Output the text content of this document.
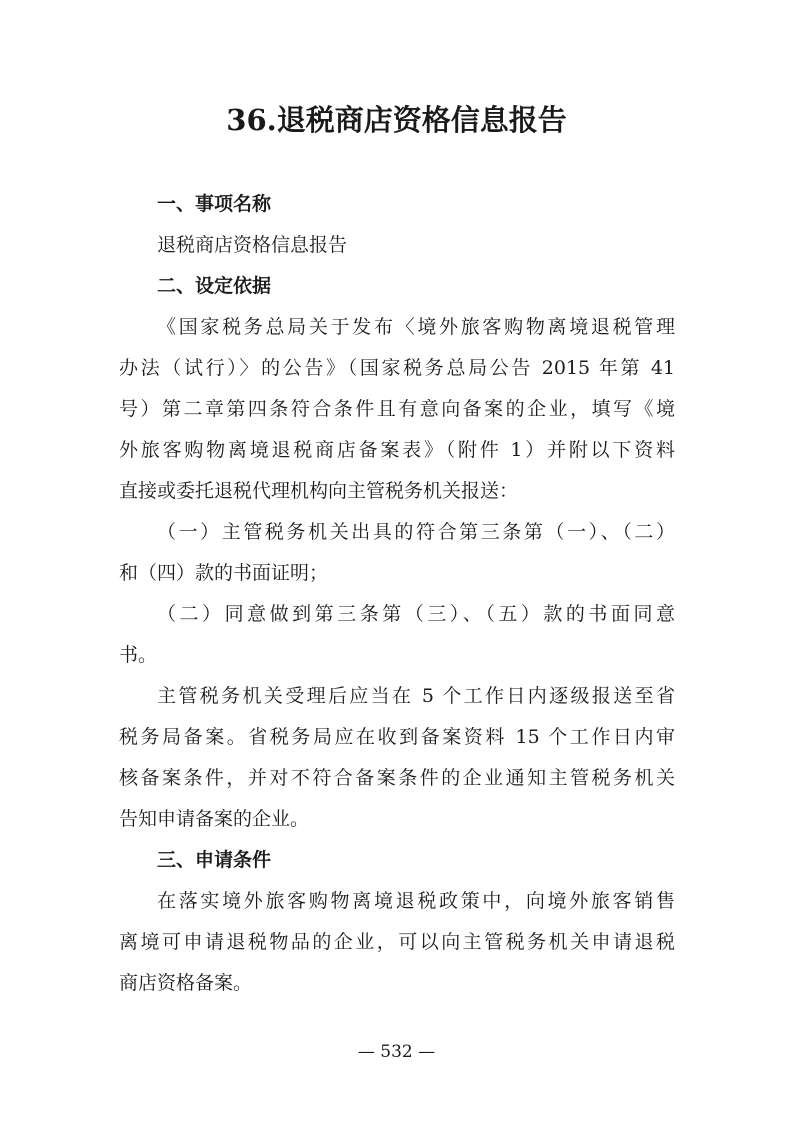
36.退税商店资格信息报告

一、事项名称

退税商店资格信息报告

二、设定依据

《国家税务总局关于发布〈境外旅客购物离境退税管理
办法（试行）〉的公告》（国家税务总局公告 2015 年第 41
号）第二章第四条符合条件且有意向备案的企业，填写《境
外旅客购物离境退税商店备案表》（附件 1）并附以下资料
直接或委托退税代理机构向主管税务机关报送：
（一）主管税务机关出具的符合第三条第（一）、（二）
和（四）款的书面证明；
（二）同意做到第三条第（三）、（五）款的书面同意
书。
主管税务机关受理后应当在 5 个工作日内逐级报送至省
税务局备案。省税务局应在收到备案资料 15 个工作日内审
核备案条件，并对不符合备案条件的企业通知主管税务机关
告知申请备案的企业。

三、申请条件

在落实境外旅客购物离境退税政策中，向境外旅客销售
离境可申请退税物品的企业，可以向主管税务机关申请退税
商店资格备案。
— 532 —
